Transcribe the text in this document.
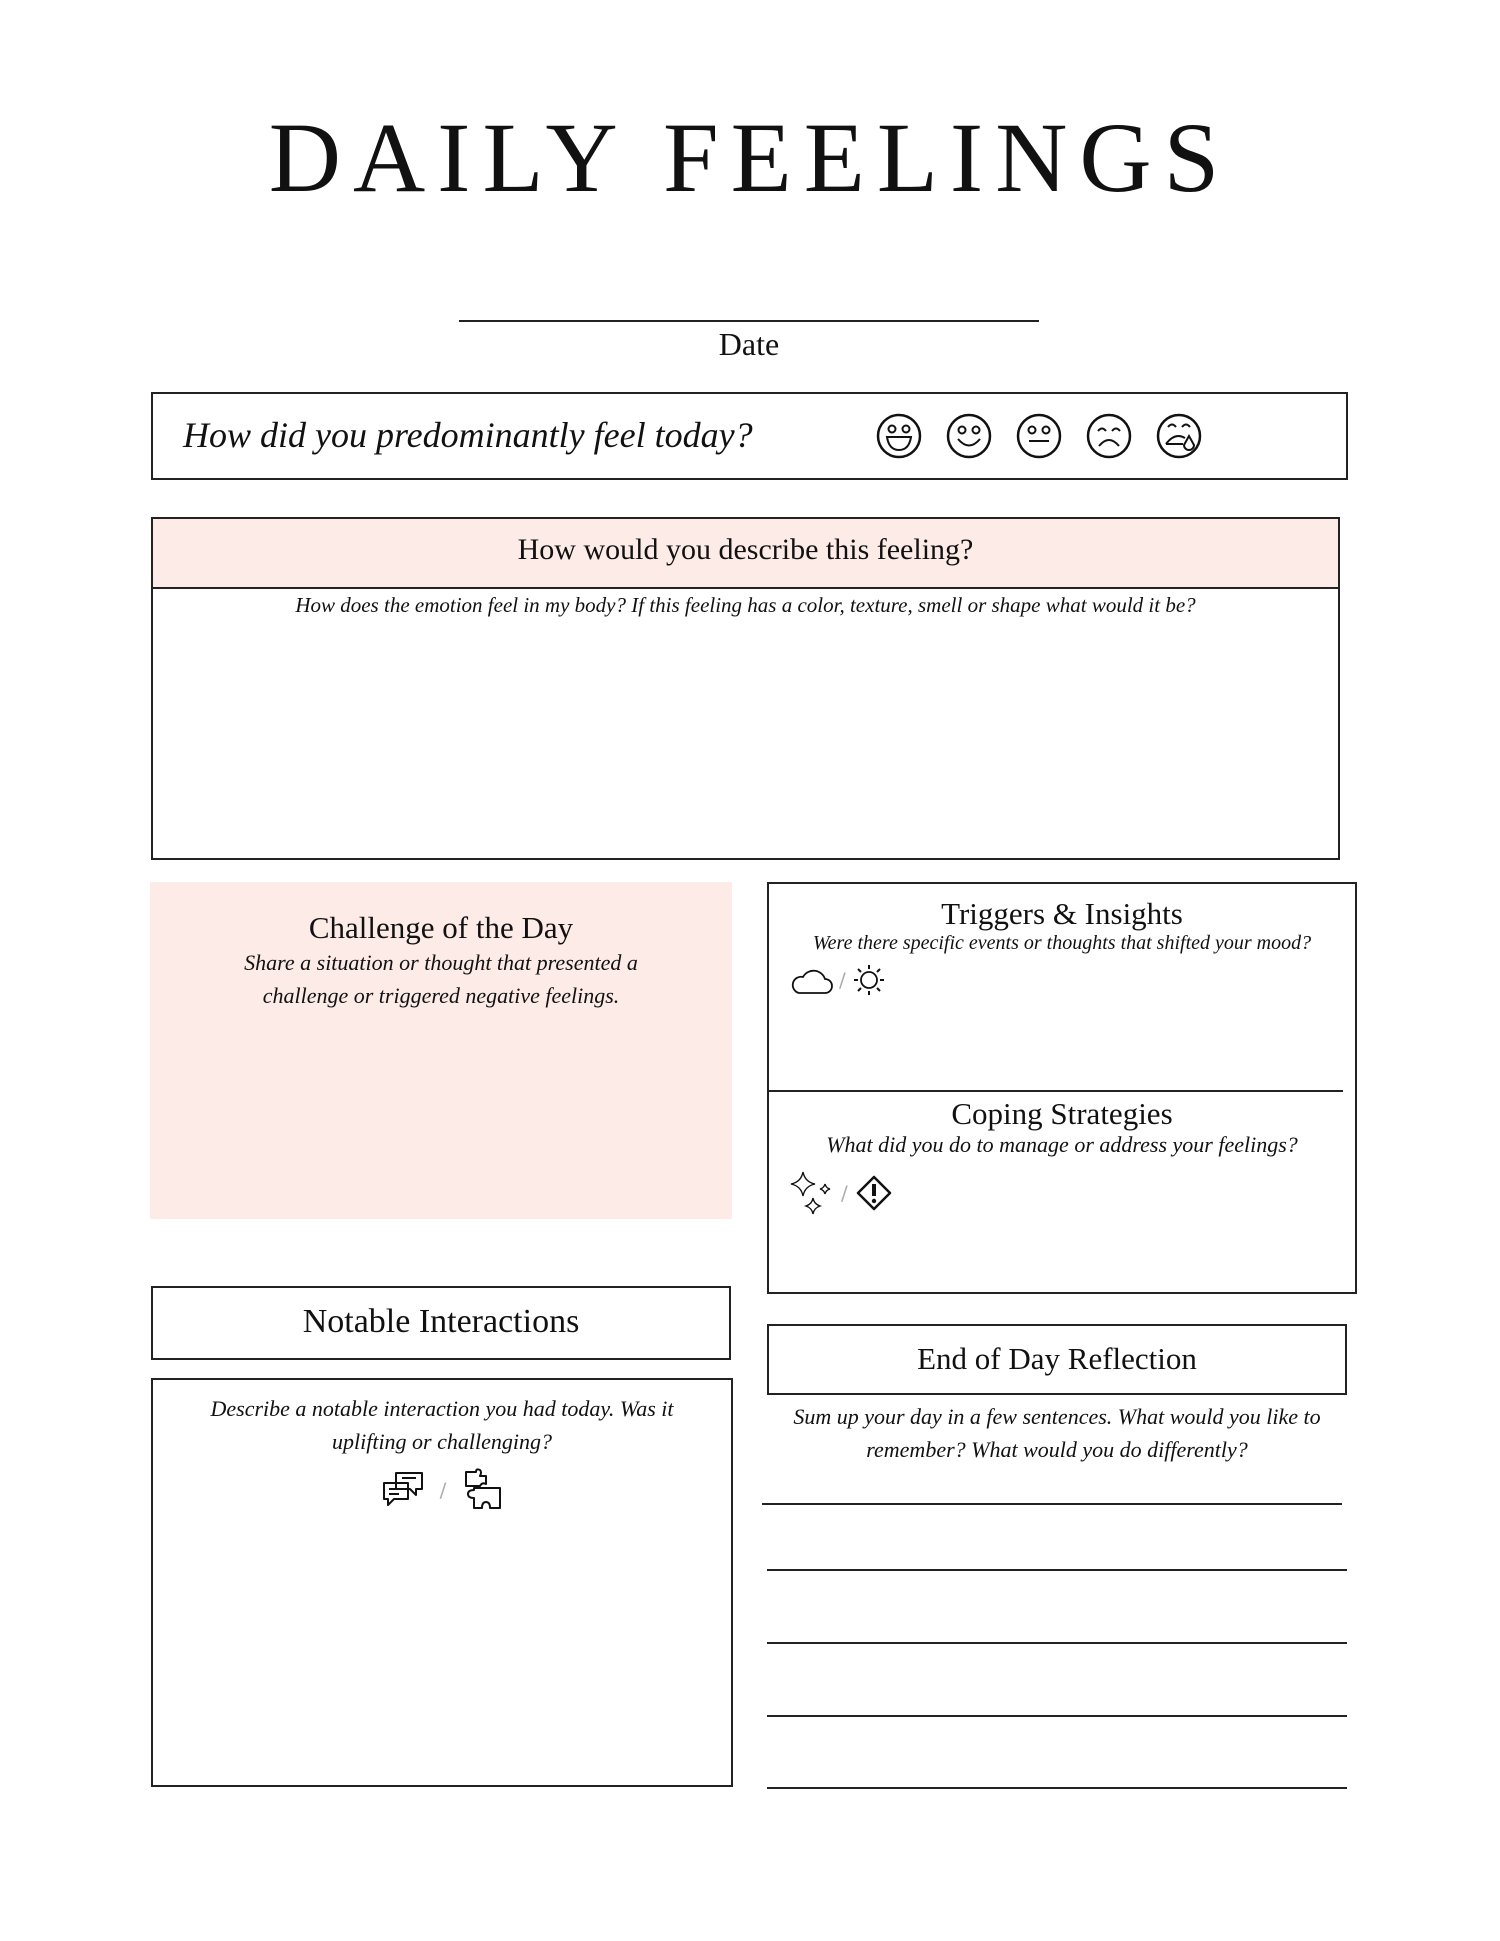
DAILY FEELINGS
Date
How did you predominantly feel today?
How would you describe this feeling?
How does the emotion feel in my body? If this feeling has a color, texture, smell or shape what would it be?
Challenge of the Day
Share a situation or thought that presented a challenge or triggered negative feelings.
Triggers & Insights
Were there specific events or thoughts that shifted your mood?
/
Coping Strategies
What did you do to manage or address your feelings?
/
Notable Interactions
Describe a notable interaction you had today. Was it uplifting or challenging?
/
End of Day Reflection
Sum up your day in a few sentences. What would you like to remember? What would you do differently?
